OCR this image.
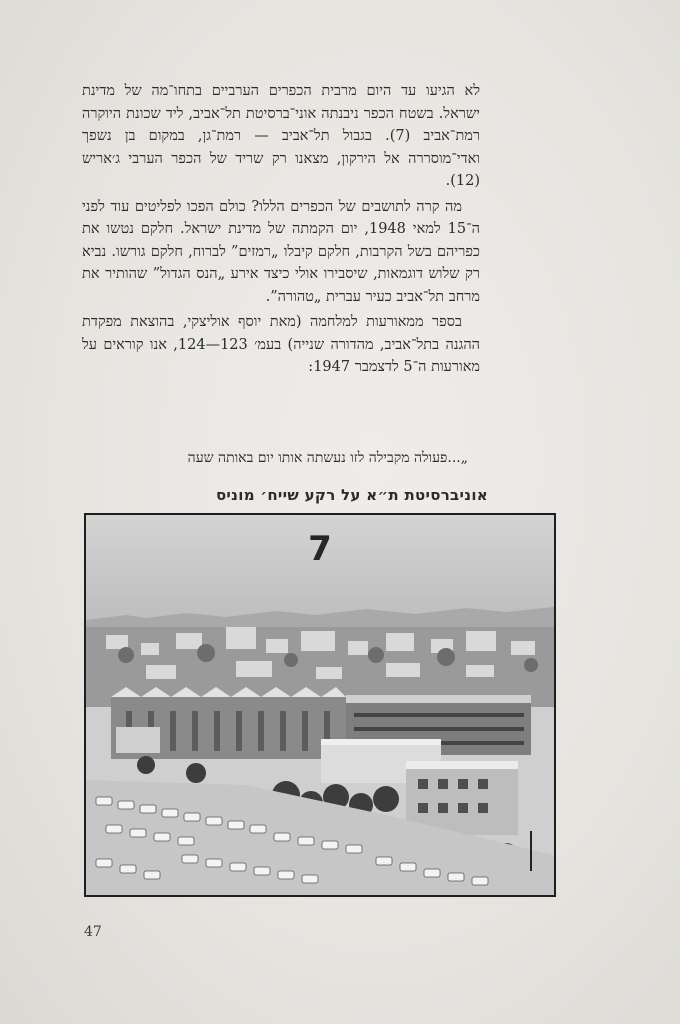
לא הגיעו עד היום מרבית הכפרים הערביים בתחו־מה של מדינת ישראל. בשטח הכפר ניבנתה אוני־ברסיטת תל־אביב, ליד שכונת היוקרה רמת־אביב (7). בגבול תל־אביב — רמת־גן, במקום בן נשפך ואדי־מוסררה אל הירקון, מצאנו רק שריד של הכפר הערבי ג׳אריש (12).

מה קרה לתושבים של הכפרים הללו? כולם הפכו לפליטים עוד לפני ה־15 למאי 1948, יום הקמתה של מדינת ישראל. חלקם נטשו את כפריהם בשל הקרבות, חלקם קיבלו „רמזים” לברוח, חלקם גורשו. נביא רק שלוש דוגמאות, שיסבירו אולי כיצד אירע „הנס הגדול” שהותיר את מרחב תל־אביב כעיר עברית „טהורה”.

בספר ממאורעות למלחמה (מאת יוסף אוליצקי, בהוצאת מפקדת ההגנה בתל־אביב, מהדורה שנייה) בעמ׳ 123—124, אנו קוראים על מאורעות ה־5 לדצמבר 1947:

„...פעולה מקבילה לזו נעשתה אותו יום באותה שעה
אוניברסיטת ת״א על רקע שייח׳ מוניס
7
47
